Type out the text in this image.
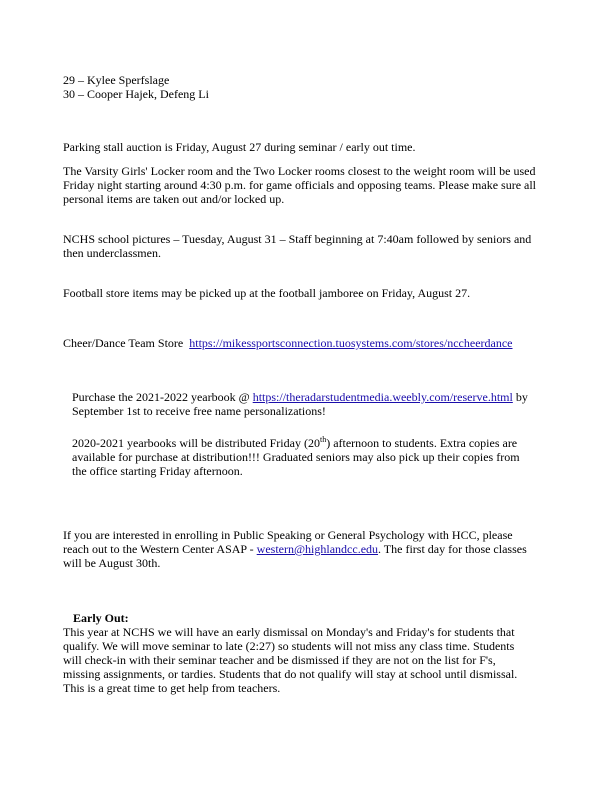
29 – Kylee Sperfslage
30 – Cooper Hajek, Defeng Li
Parking stall auction is Friday, August 27 during seminar / early out time.
The Varsity Girls' Locker room and the Two Locker rooms closest to the weight room will be used
Friday night starting around 4:30 p.m. for game officials and opposing teams. Please make sure all
personal items are taken out and/or locked up.
NCHS school pictures – Tuesday, August 31 – Staff beginning at 7:40am followed by seniors and
then underclassmen.
Football store items may be picked up at the football jamboree on Friday, August 27.
Cheer/Dance Team Store  https://mikessportsconnection.tuosystems.com/stores/nccheerdance
Purchase the 2021-2022 yearbook @ https://theradarstudentmedia.weebly.com/reserve.html by
September 1st to receive free name personalizations!
2020-2021 yearbooks will be distributed Friday (20th) afternoon to students. Extra copies are
available for purchase at distribution!!! Graduated seniors may also pick up their copies from
the office starting Friday afternoon.
If you are interested in enrolling in Public Speaking or General Psychology with HCC, please
reach out to the Western Center ASAP - western@highlandcc.edu. The first day for those classes
will be August 30th.
Early Out:
This year at NCHS we will have an early dismissal on Monday's and Friday's for students that
qualify. We will move seminar to late (2:27) so students will not miss any class time. Students
will check-in with their seminar teacher and be dismissed if they are not on the list for F's,
missing assignments, or tardies. Students that do not qualify will stay at school until dismissal.
This is a great time to get help from teachers.
